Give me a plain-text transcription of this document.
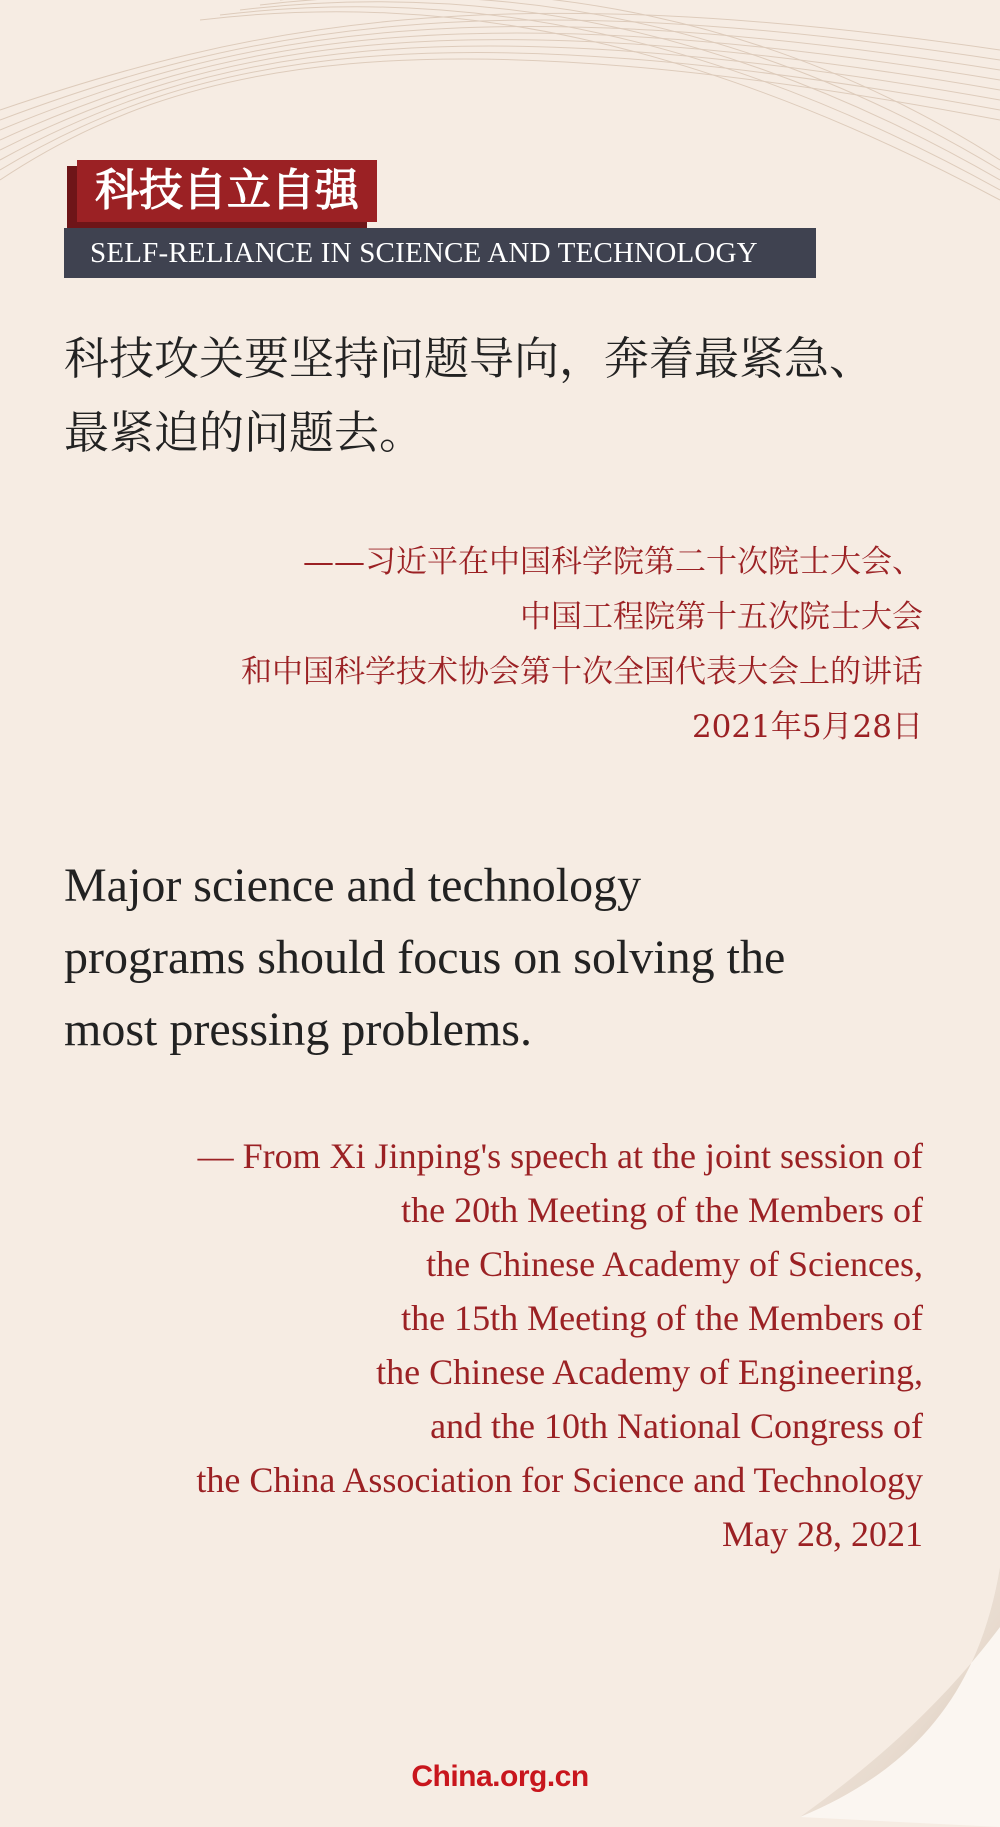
科技自立自强
SELF-RELIANCE IN SCIENCE AND TECHNOLOGY
科技攻关要坚持问题导向，奔着最紧急、
最紧迫的问题去。
——习近平在中国科学院第二十次院士大会、
中国工程院第十五次院士大会
和中国科学技术协会第十次全国代表大会上的讲话
2021年5月28日
Major science and technology
programs should focus on solving the
most pressing problems.
— From Xi Jinping's speech at the joint session of
the 20th Meeting of the Members of
the Chinese Academy of Sciences,
the 15th Meeting of the Members of
the Chinese Academy of Engineering,
and the 10th National Congress of
the China Association for Science and Technology
May 28, 2021
China.org.cn
